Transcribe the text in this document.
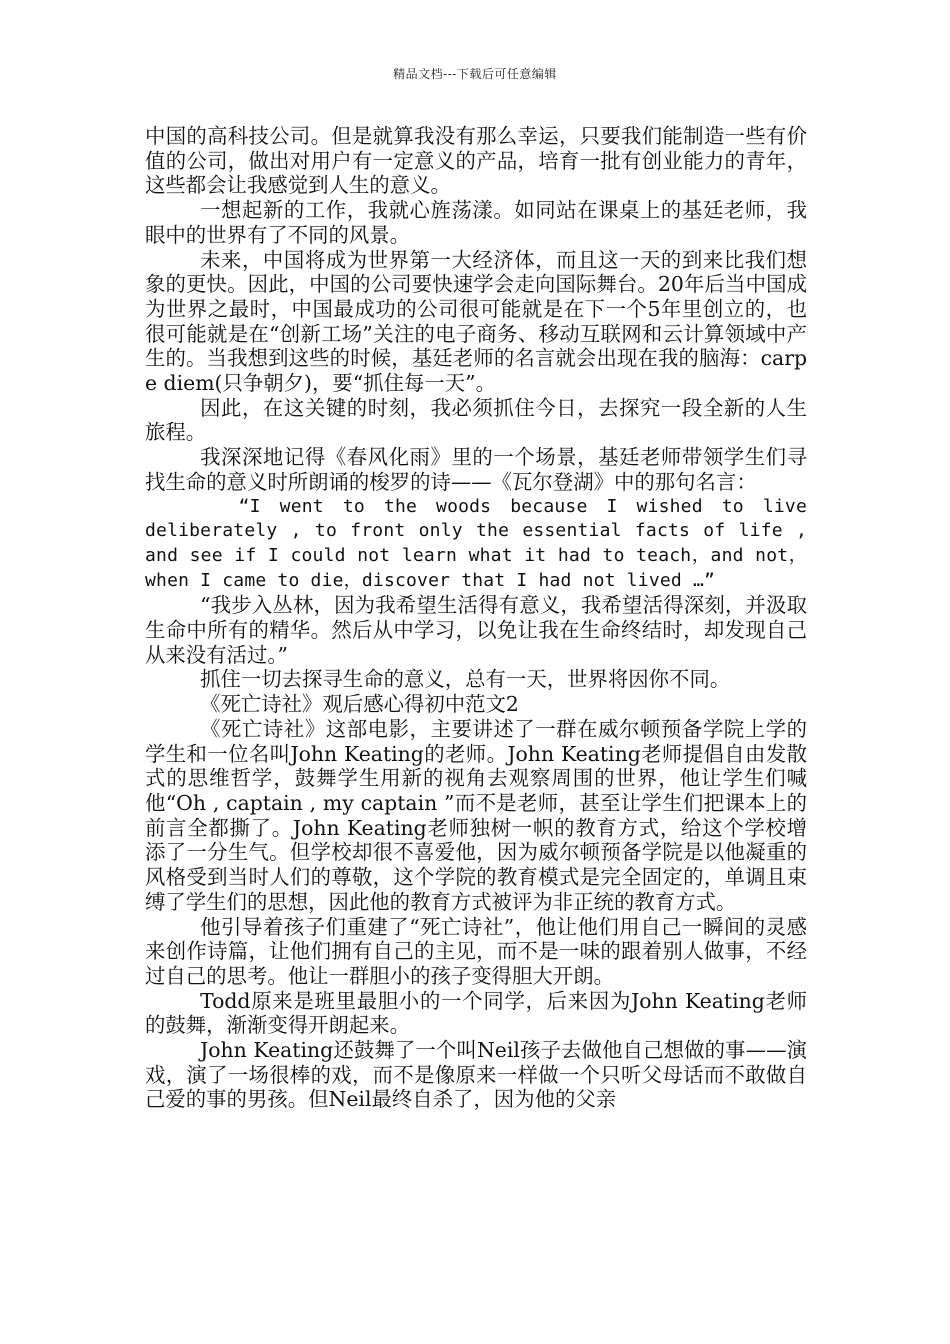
精品文档---下载后可任意编辑

中国的高科技公司。但是就算我没有那么幸运，只要我们能制造一些有价值的公司，做出对用户有一定意义的产品，培育一批有创业能力的青年，这些都会让我感觉到人生的意义。

一想起新的工作，我就心旌荡漾。如同站在课桌上的基廷老师，我眼中的世界有了不同的风景。

未来，中国将成为世界第一大经济体，而且这一天的到来比我们想象的更快。因此，中国的公司要快速学会走向国际舞台。20年后当中国成为世界之最时，中国最成功的公司很可能就是在下一个5年里创立的，也很可能就是在“创新工场”关注的电子商务、移动互联网和云计算领域中产生的。当我想到这些的时候，基廷老师的名言就会出现在我的脑海：carpe diem(只争朝夕)，要“抓住每一天”。

因此，在这关键的时刻，我必须抓住今日，去探究一段全新的人生旅程。

我深深地记得《春风化雨》里的一个场景，基廷老师带领学生们寻找生命的意义时所朗诵的梭罗的诗——《瓦尔登湖》中的那句名言：

“I went to the woods because I wished to live deliberately , to front only the essential facts of life , and see if I could not learn what it had to teach，and not，when I came to die，discover that I had not lived …”

“我步入丛林，因为我希望生活得有意义，我希望活得深刻，并汲取生命中所有的精华。然后从中学习，以免让我在生命终结时，却发现自己从来没有活过。”

抓住一切去探寻生命的意义，总有一天，世界将因你不同。

《死亡诗社》观后感心得初中范文2

《死亡诗社》这部电影，主要讲述了一群在威尔顿预备学院上学的学生和一位名叫John Keating的老师。John Keating老师提倡自由发散式的思维哲学，鼓舞学生用新的视角去观察周围的世界，他让学生们喊他“Oh , captain , my captain ”而不是老师，甚至让学生们把课本上的前言全都撕了。John Keating老师独树一帜的教育方式，给这个学校增添了一分生气。但学校却很不喜爱他，因为威尔顿预备学院是以他凝重的风格受到当时人们的尊敬，这个学院的教育模式是完全固定的，单调且束缚了学生们的思想，因此他的教育方式被评为非正统的教育方式。

他引导着孩子们重建了“死亡诗社”，他让他们用自己一瞬间的灵感来创作诗篇，让他们拥有自己的主见，而不是一味的跟着别人做事，不经过自己的思考。他让一群胆小的孩子变得胆大开朗。

Todd原来是班里最胆小的一个同学，后来因为John Keating老师的鼓舞，渐渐变得开朗起来。

John Keating还鼓舞了一个叫Neil孩子去做他自己想做的事——演戏，演了一场很棒的戏，而不是像原来一样做一个只听父母话而不敢做自己爱的事的男孩。但Neil最终自杀了，因为他的父亲
